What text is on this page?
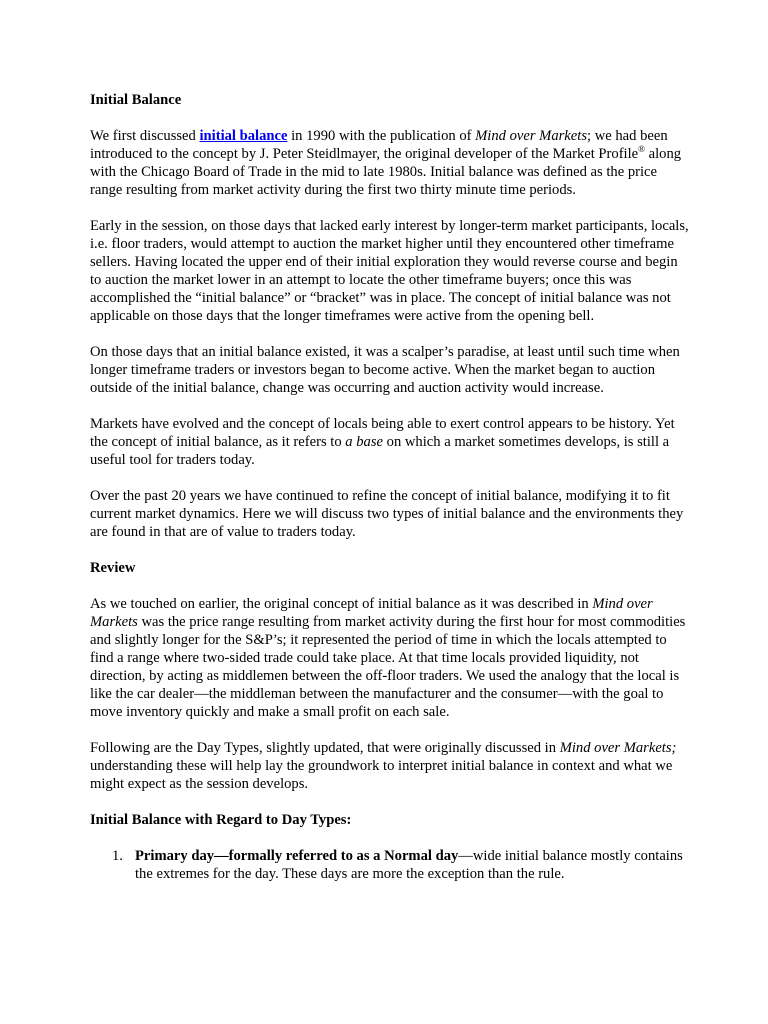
Initial Balance

We first discussed initial balance in 1990 with the publication of Mind over Markets; we had been introduced to the concept by J. Peter Steidlmayer, the original developer of the Market Profile® along with the Chicago Board of Trade in the mid to late 1980s. Initial balance was defined as the price range resulting from market activity during the first two thirty minute time periods.

Early in the session, on those days that lacked early interest by longer-term market participants, locals, i.e. floor traders, would attempt to auction the market higher until they encountered other timeframe sellers. Having located the upper end of their initial exploration they would reverse course and begin to auction the market lower in an attempt to locate the other timeframe buyers; once this was accomplished the “initial balance” or “bracket” was in place. The concept of initial balance was not applicable on those days that the longer timeframes were active from the opening bell.

On those days that an initial balance existed, it was a scalper’s paradise, at least until such time when longer timeframe traders or investors began to become active. When the market began to auction outside of the initial balance, change was occurring and auction activity would increase.

Markets have evolved and the concept of locals being able to exert control appears to be history. Yet the concept of initial balance, as it refers to a base on which a market sometimes develops, is still a useful tool for traders today.

Over the past 20 years we have continued to refine the concept of initial balance, modifying it to fit current market dynamics. Here we will discuss two types of initial balance and the environments they are found in that are of value to traders today.

Review

As we touched on earlier, the original concept of initial balance as it was described in Mind over Markets was the price range resulting from market activity during the first hour for most commodities and slightly longer for the S&P’s; it represented the period of time in which the locals attempted to find a range where two-sided trade could take place. At that time locals provided liquidity, not direction, by acting as middlemen between the off-floor traders. We used the analogy that the local is like the car dealer—the middleman between the manufacturer and the consumer—with the goal to move inventory quickly and make a small profit on each sale.

Following are the Day Types, slightly updated, that were originally discussed in Mind over Markets; understanding these will help lay the groundwork to interpret initial balance in context and what we might expect as the session develops.

Initial Balance with Regard to Day Types:
1. Primary day—formally referred to as a Normal day—wide initial balance mostly contains the extremes for the day. These days are more the exception than the rule.
